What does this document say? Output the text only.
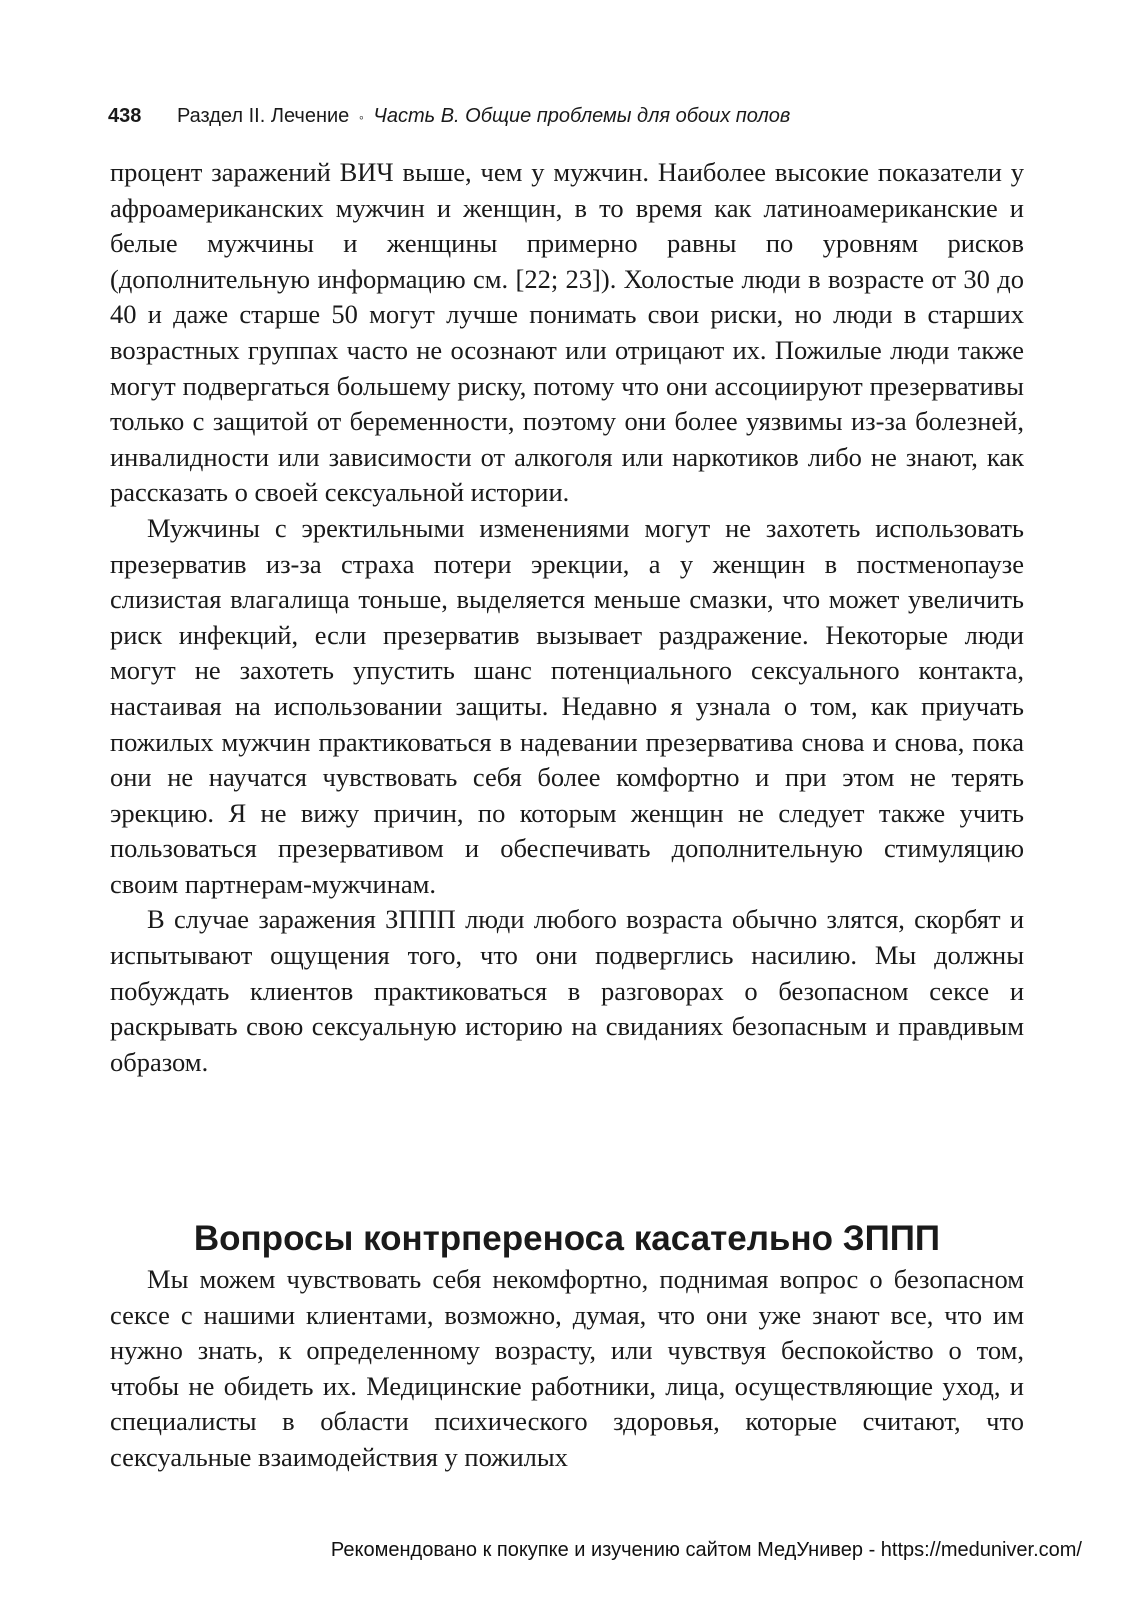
438 Раздел II. Лечение ◦ Часть В. Общие проблемы для обоих полов

процент заражений ВИЧ выше, чем у мужчин. Наиболее высокие показатели у афроамериканских мужчин и женщин, в то время как латиноамериканские и белые мужчины и женщины примерно равны по уровням рисков (дополнительную информацию см. [22; 23]). Холостые люди в возрасте от 30 до 40 и даже старше 50 могут лучше понимать свои риски, но люди в старших возрастных группах часто не осознают или отрицают их. Пожилые люди также могут подвергаться большему риску, потому что они ассоциируют презервативы только с защитой от беременности, поэтому они более уязвимы из-за болезней, инвалидности или зависимости от алкоголя или наркотиков либо не знают, как рассказать о своей сексуальной истории.

Мужчины с эректильными изменениями могут не захотеть использовать презерватив из-за страха потери эрекции, а у женщин в постменопаузе слизистая влагалища тоньше, выделяется меньше смазки, что может увеличить риск инфекций, если презерватив вызывает раздражение. Некоторые люди могут не захотеть упустить шанс потенциального сексуального контакта, настаивая на использовании защиты. Недавно я узнала о том, как приучать пожилых мужчин практиковаться в надевании презерватива снова и снова, пока они не научатся чувствовать себя более комфортно и при этом не терять эрекцию. Я не вижу причин, по которым женщин не следует также учить пользоваться презервативом и обеспечивать дополнительную стимуляцию своим партнерам-мужчинам.

В случае заражения ЗППП люди любого возраста обычно злятся, скорбят и испытывают ощущения того, что они подверглись насилию. Мы должны побуждать клиентов практиковаться в разговорах о безопасном сексе и раскрывать свою сексуальную историю на свиданиях безопасным и правдивым образом.

Вопросы контрпереноса касательно ЗППП

Мы можем чувствовать себя некомфортно, поднимая вопрос о безопасном сексе с нашими клиентами, возможно, думая, что они уже знают все, что им нужно знать, к определенному возрасту, или чувствуя беспокойство о том, чтобы не обидеть их. Медицинские работники, лица, осуществляющие уход, и специалисты в области психического здоровья, которые считают, что сексуальные взаимодействия у пожилых

Рекомендовано к покупке и изучению сайтом МедУнивер - https://meduniver.com/
